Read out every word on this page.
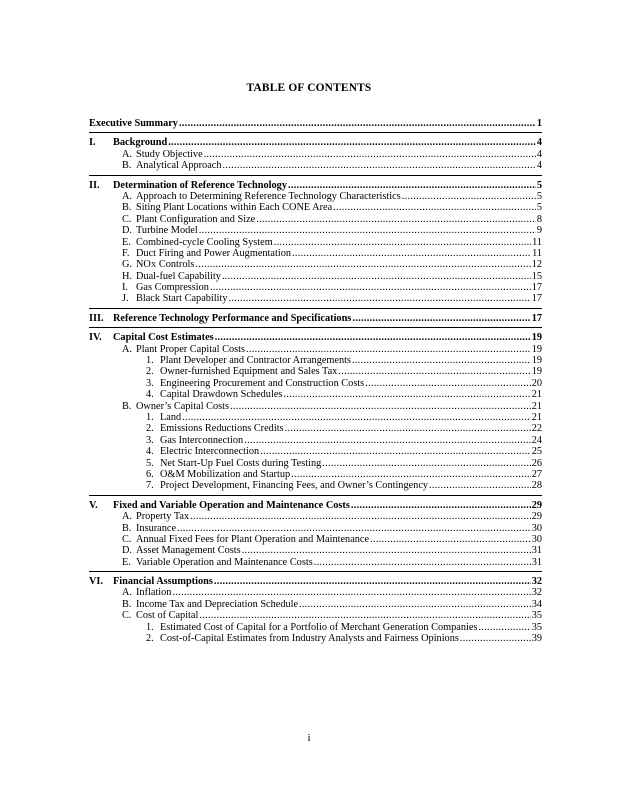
TABLE OF CONTENTS
Executive Summary .....	1
I.	Background .....	4
A. Study Objective .....	4
B. Analytical Approach .....	4
II.	Determination of Reference Technology .....	5
A. Approach to Determining Reference Technology Characteristics .....	5
B. Siting Plant Locations within Each CONE Area .....	5
C. Plant Configuration and Size .....	8
D. Turbine Model .....	9
E. Combined-cycle Cooling System .....	11
F. Duct Firing and Power Augmentation .....	11
G. NOX Controls .....	12
H. Dual-fuel Capability .....	15
I. Gas Compression .....	17
J. Black Start Capability .....	17
III. Reference Technology Performance and Specifications .....	17
IV.	Capital Cost Estimates .....	19
A. Plant Proper Capital Costs .....	19
1. Plant Developer and Contractor Arrangements .....	19
2. Owner-furnished Equipment and Sales Tax .....	19
3. Engineering Procurement and Construction Costs .....	20
4. Capital Drawdown Schedules .....	21
B. Owner’s Capital Costs .....	21
1. Land .....	21
2. Emissions Reductions Credits .....	22
3. Gas Interconnection .....	24
4. Electric Interconnection .....	25
5. Net Start-Up Fuel Costs during Testing .....	26
6. O&M Mobilization and Startup .....	27
7. Project Development, Financing Fees, and Owner’s Contingency .....	28
V.	Fixed and Variable Operation and Maintenance Costs .....	29
A. Property Tax .....	29
B. Insurance .....	30
C. Annual Fixed Fees for Plant Operation and Maintenance .....	30
D. Asset Management Costs .....	31
E. Variable Operation and Maintenance Costs .....	31
VI. Financial Assumptions .....	32
A. Inflation .....	32
B. Income Tax and Depreciation Schedule .....	34
C. Cost of Capital .....	35
1. Estimated Cost of Capital for a Portfolio of Merchant Generation Companies .....	35
2. Cost-of-Capital Estimates from Industry Analysts and Fairness Opinions .....	39
i
